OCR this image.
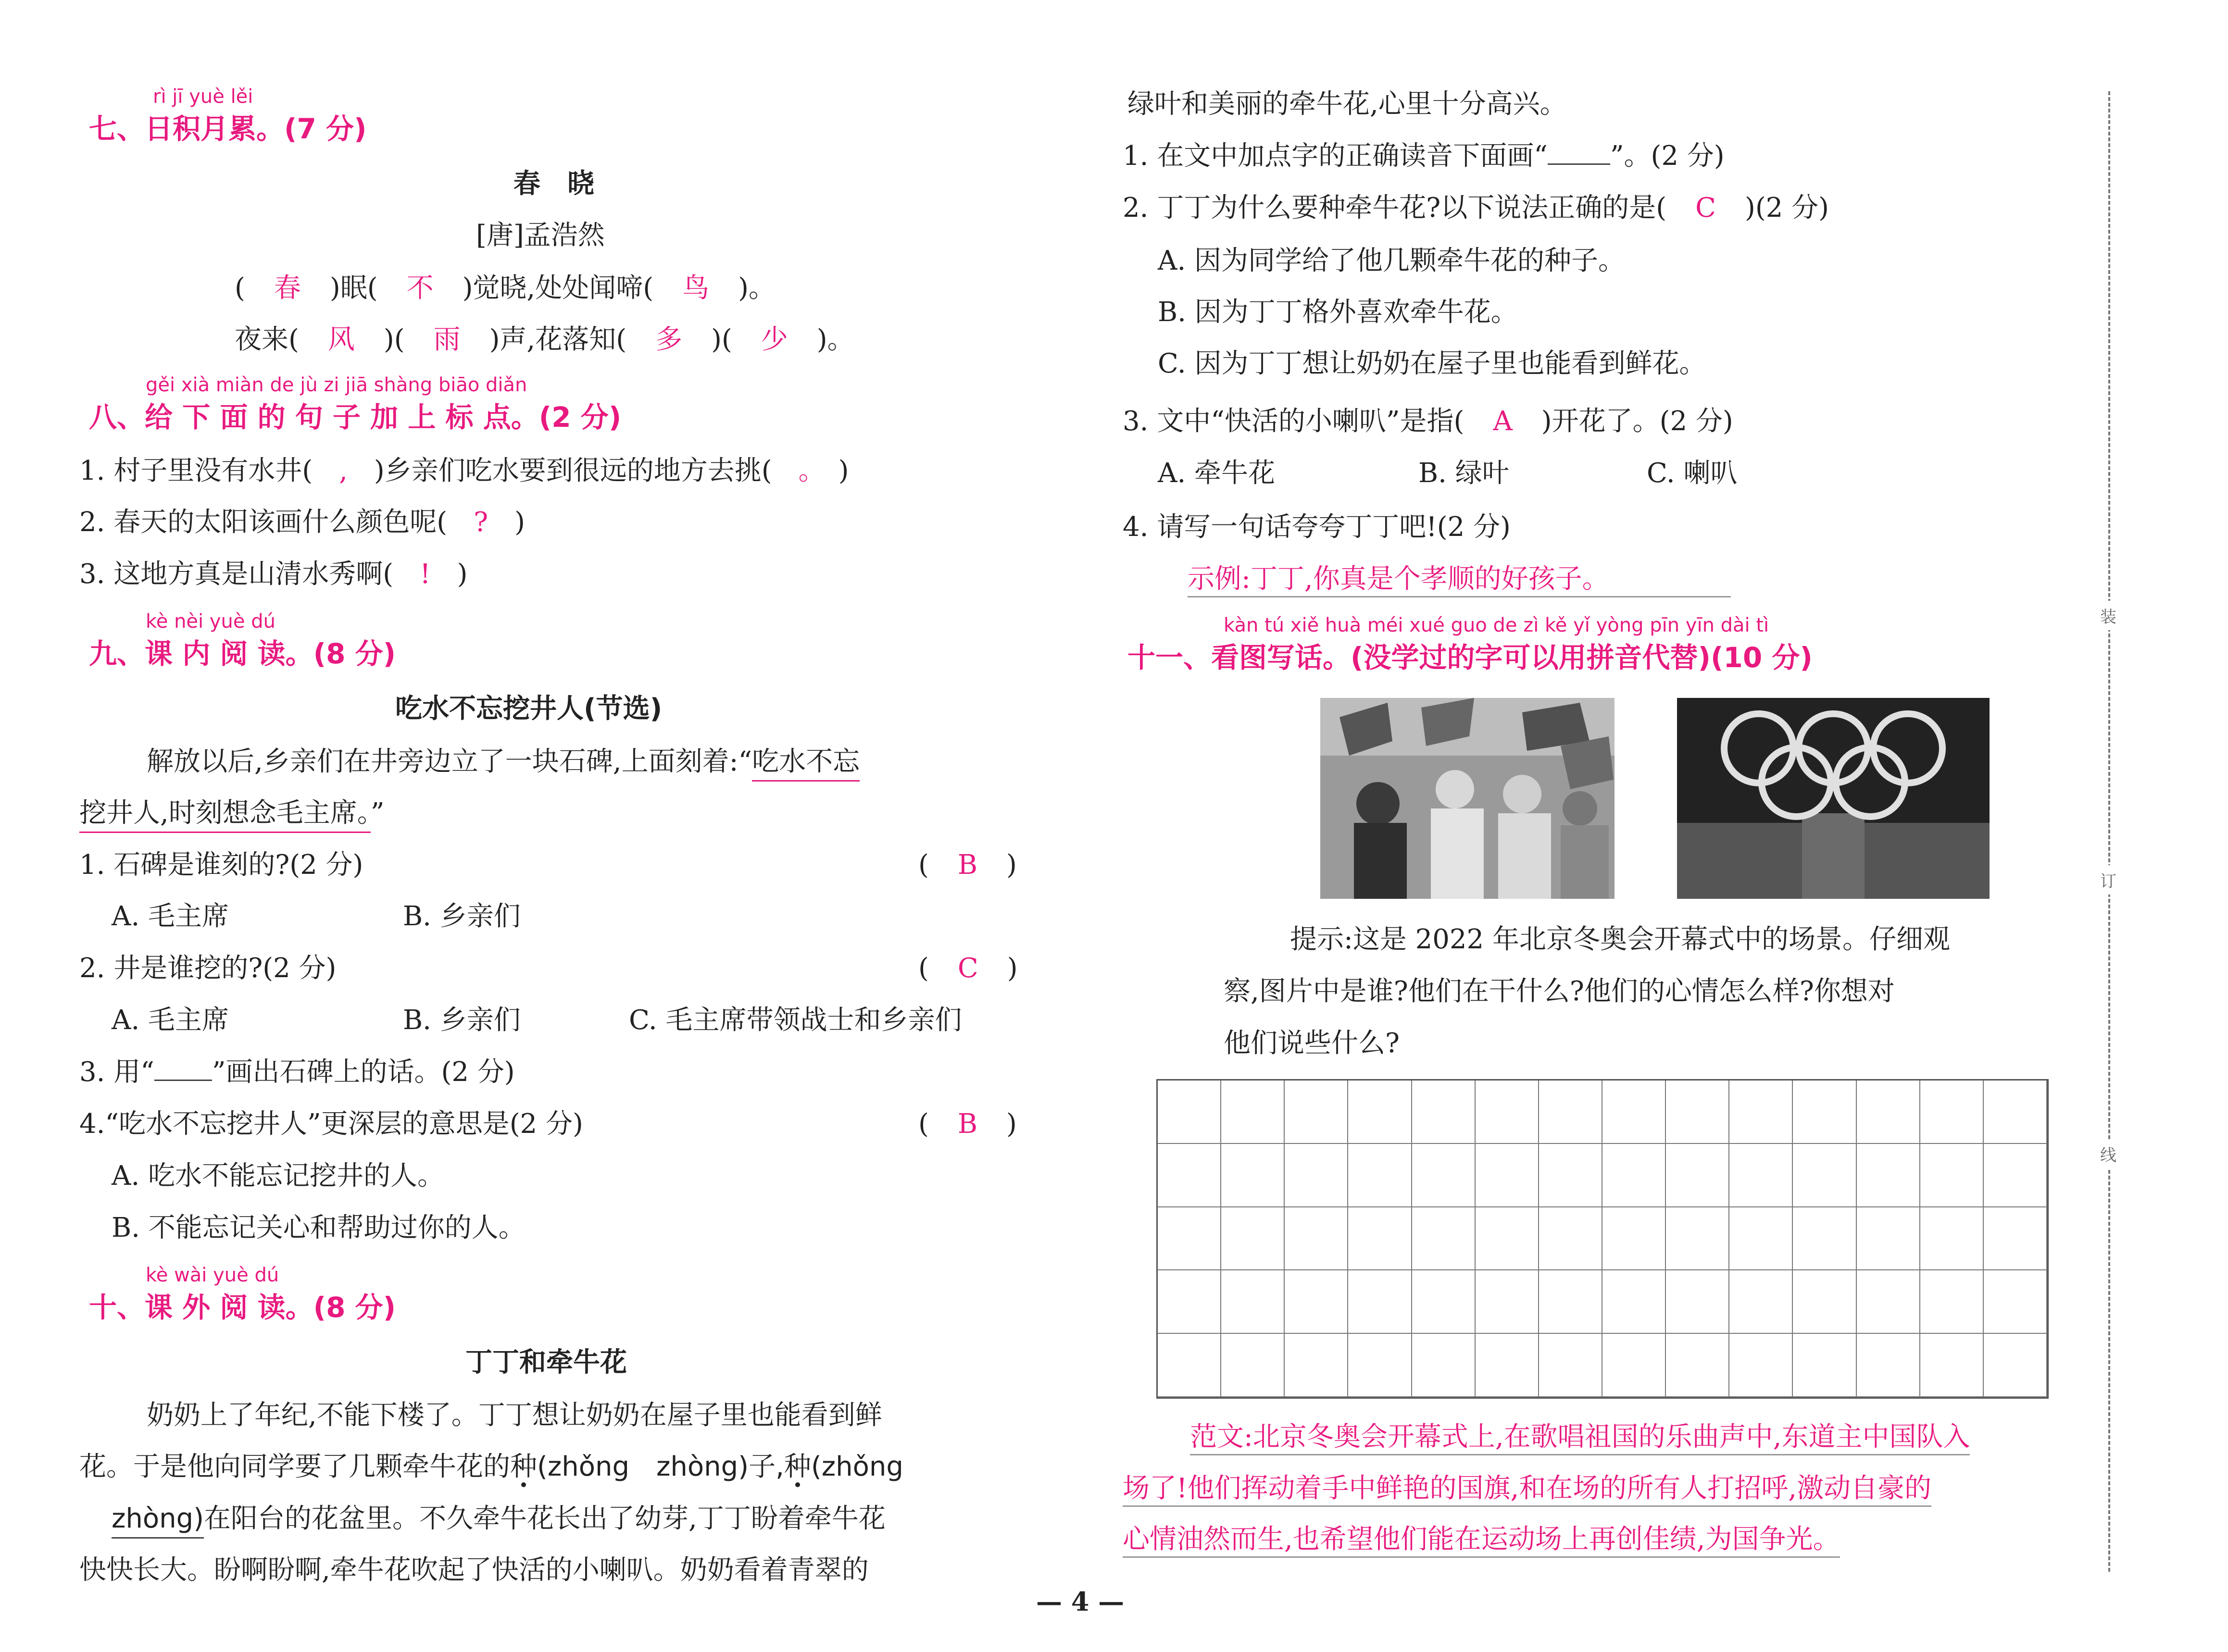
rì jī yuè lěi
七、日积月累。(7 分)
春　晓
[唐]孟浩然
( 春 )眠( 不 )觉晓,处处闻啼( 鸟 )。
夜来( 风 )( 雨 )声,花落知( 多 )( 少 )。
gěi xià miàn de jù zi jiā shàng biāo diǎn
八、给 下 面 的 句 子 加 上 标 点。(2 分)
1. 村子里没有水井( , )乡亲们吃水要到很远的地方去挑( 。 )
2. 春天的太阳该画什么颜色呢( ? )
3. 这地方真是山清水秀啊( ! )
kè nèi yuè dú
九、课 内 阅 读。(8 分)
吃水不忘挖井人(节选)
解放以后,乡亲们在井旁边立了一块石碑,上面刻着:“吃水不忘
挖井人,时刻想念毛主席。”
1. 石碑是谁刻的?(2 分)	( B )
A. 毛主席	B. 乡亲们
2. 井是谁挖的?(2 分)	( C )
A. 毛主席	B. 乡亲们	C. 毛主席带领战士和乡亲们
3. 用“ ”画出石碑上的话。(2 分)
4.“吃水不忘挖井人”更深层的意思是(2 分)	( B )
A. 吃水不能忘记挖井的人。
B. 不能忘记关心和帮助过你的人。
kè wài yuè dú
十、课 外 阅 读。(8 分)
丁丁和牵牛花
奶奶上了年纪,不能下楼了。丁丁想让奶奶在屋子里也能看到鲜
花。于是他向同学要了几颗牵牛花的种(zhǒng　zhòng)子,种(zhǒng
zhòng)在阳台的花盆里。不久牵牛花长出了幼芽,丁丁盼着牵牛花
快快长大。盼啊盼啊,牵牛花吹起了快活的小喇叭。奶奶看着青翠的
绿叶和美丽的牵牛花,心里十分高兴。
1. 在文中加点字的正确读音下面画“ ”。(2 分)
2. 丁丁为什么要种牵牛花?以下说法正确的是( C )(2 分)
A. 因为同学给了他几颗牵牛花的种子。
B. 因为丁丁格外喜欢牵牛花。
C. 因为丁丁想让奶奶在屋子里也能看到鲜花。
3. 文中“快活的小喇叭”是指( A )开花了。(2 分)
A. 牵牛花	B. 绿叶	C. 喇叭
4. 请写一句话夸夸丁丁吧!(2 分)
示例:丁丁,你真是个孝顺的好孩子。
kàn tú xiě huà méi xué guo de zì kě yǐ yòng pīn yīn dài tì
十一、看图写话。(没学过的字可以用拼音代替)(10 分)
提示:这是 2022 年北京冬奥会开幕式中的场景。仔细观
察,图片中是谁?他们在干什么?他们的心情怎么样?你想对
他们说些什么?
范文:北京冬奥会开幕式上,在歌唱祖国的乐曲声中,东道主中国队入
场了!他们挥动着手中鲜艳的国旗,和在场的所有人打招呼,激动自豪的
心情油然而生,也希望他们能在运动场上再创佳绩,为国争光。
装
订
线
— 4 —
